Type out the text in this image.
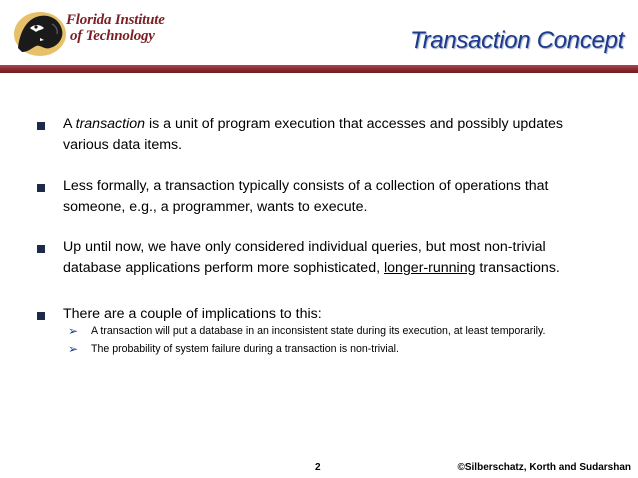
Florida Institute
of Technology	Transaction Concept
A transaction is a unit of program execution that accesses and possibly updates various data items.
Less formally, a transaction typically consists of a collection of operations that someone, e.g., a programmer, wants to execute.
Up until now, we have only considered individual queries, but most non-trivial database applications perform more sophisticated, longer-running transactions.
There are a couple of implications to this:
➢ A transaction will put a database in an inconsistent state during its execution, at least temporarily.
➢ The probability of system failure during a transaction is non-trivial.
2	©Silberschatz, Korth and Sudarshan
